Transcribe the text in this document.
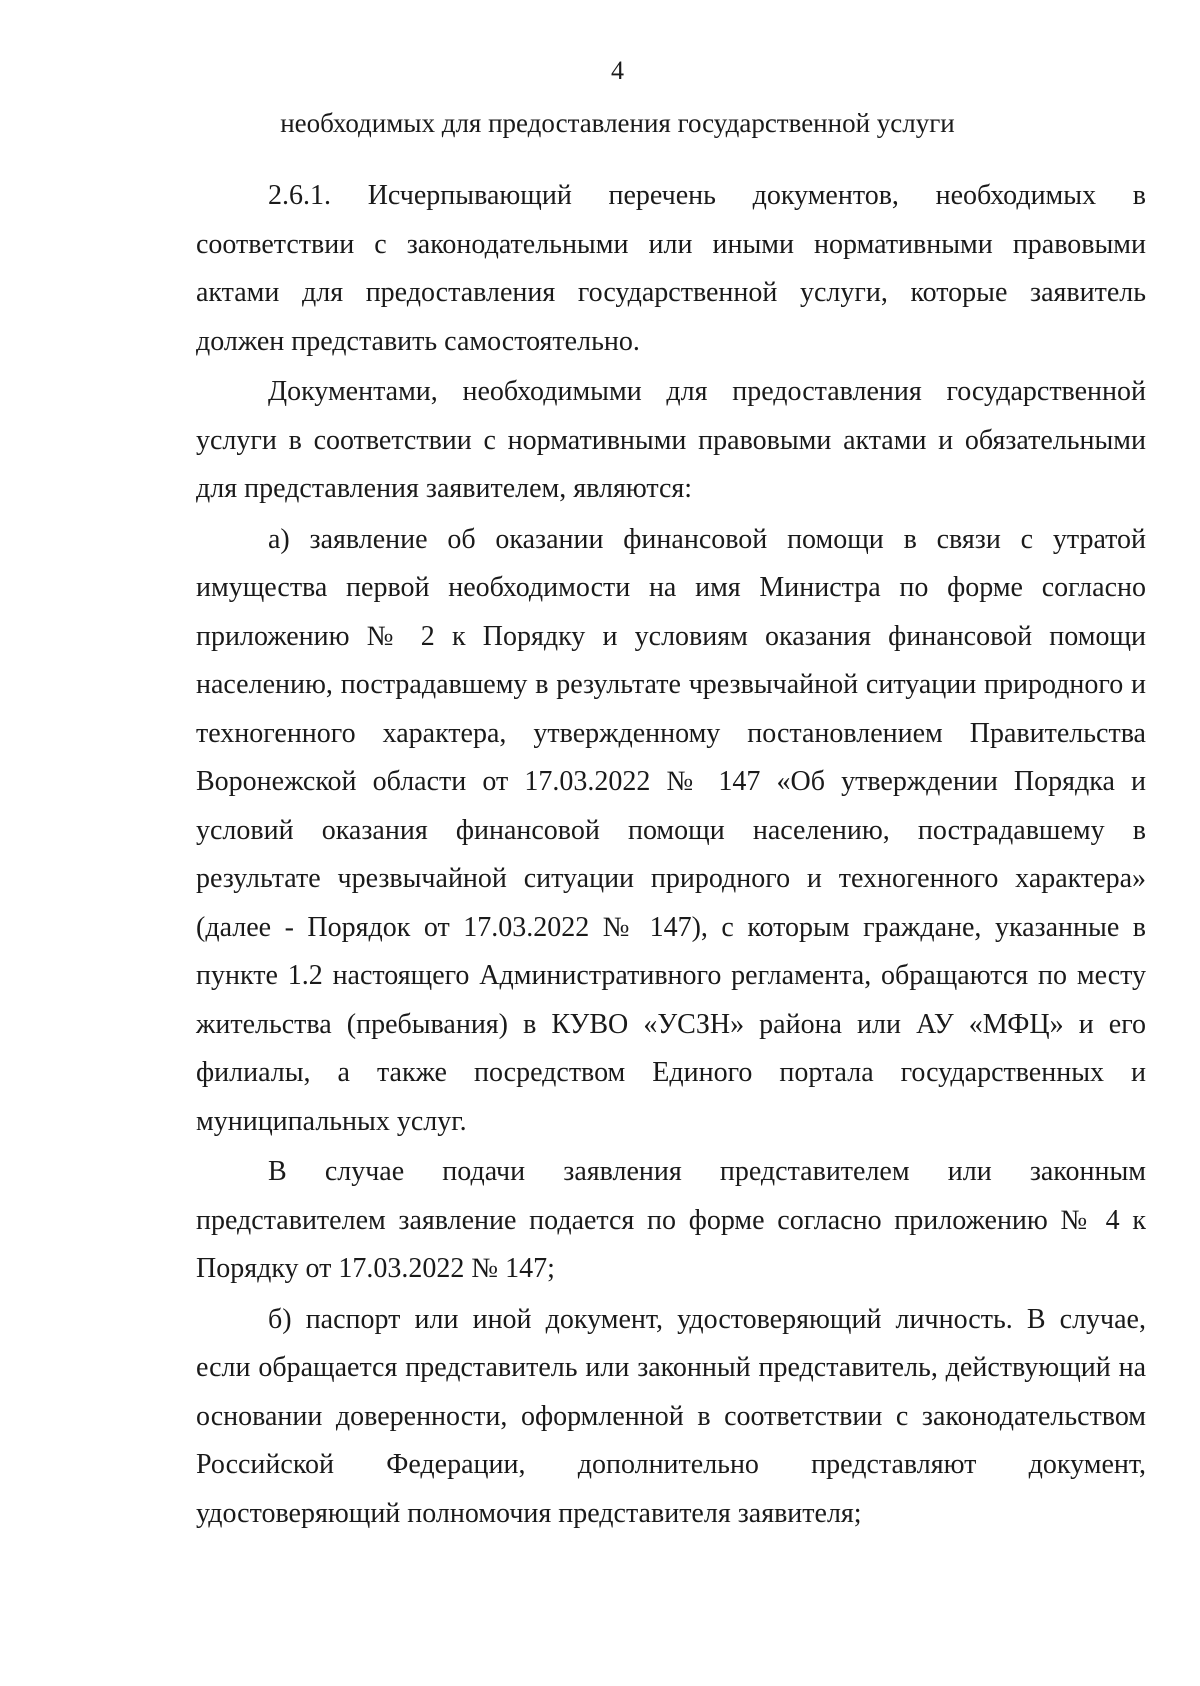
4
необходимых для предоставления государственной услуги

2.6.1. Исчерпывающий перечень документов, необходимых в соответствии с законодательными или иными нормативными правовыми актами для предоставления государственной услуги, которые заявитель должен представить самостоятельно.

Документами, необходимыми для предоставления государственной услуги в соответствии с нормативными правовыми актами и обязательными для представления заявителем, являются:

а) заявление об оказании финансовой помощи в связи с утратой имущества первой необходимости на имя Министра по форме согласно приложению № 2 к Порядку и условиям оказания финансовой помощи населению, пострадавшему в результате чрезвычайной ситуации природного и техногенного характера, утвержденному постановлением Правительства Воронежской области от 17.03.2022 № 147 «Об утверждении Порядка и условий оказания финансовой помощи населению, пострадавшему в результате чрезвычайной ситуации природного и техногенного характера» (далее - Порядок от 17.03.2022 № 147), с которым граждане, указанные в пункте 1.2 настоящего Административного регламента, обращаются по месту жительства (пребывания) в КУВО «УСЗН» района или АУ «МФЦ» и его филиалы, а также посредством Единого портала государственных и муниципальных услуг.

В случае подачи заявления представителем или законным представителем заявление подается по форме согласно приложению № 4 к Порядку от 17.03.2022 № 147;

б) паспорт или иной документ, удостоверяющий личность. В случае, если обращается представитель или законный представитель, действующий на основании доверенности, оформленной в соответствии с законодательством Российской Федерации, дополнительно представляют документ, удостоверяющий полномочия представителя заявителя;
